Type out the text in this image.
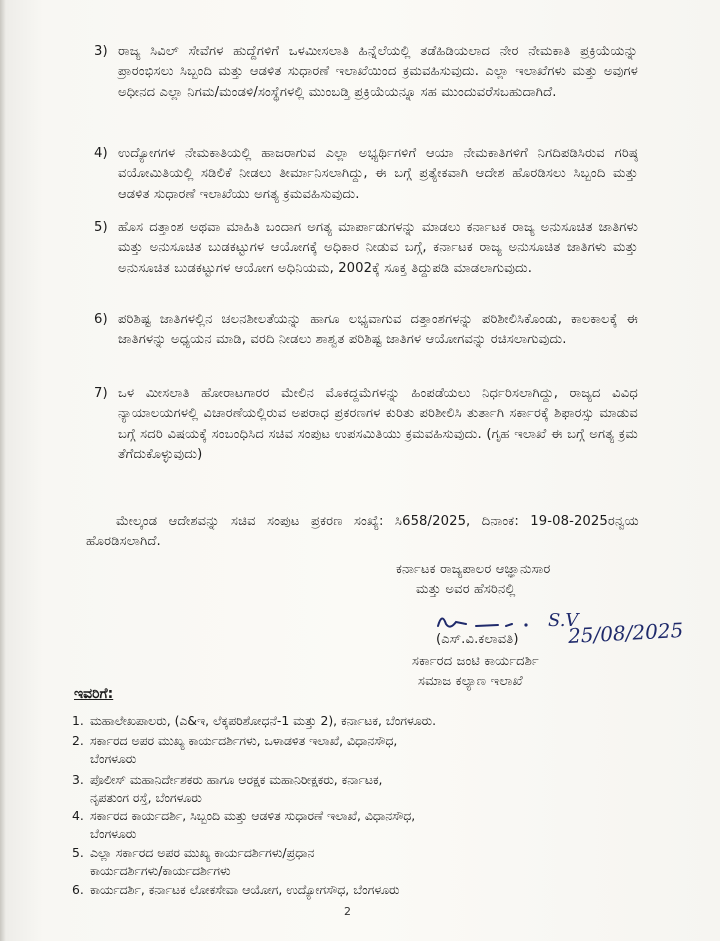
3) ರಾಜ್ಯ ಸಿವಿಲ್ ಸೇವೆಗಳ ಹುದ್ದೆಗಳಿಗೆ ಒಳಮೀಸಲಾತಿ ಹಿನ್ನೆಲೆಯಲ್ಲಿ ತಡೆಹಿಡಿಯಲಾದ ನೇರ ನೇಮಕಾತಿ ಪ್ರಕ್ರಿಯೆಯನ್ನು ಪ್ರಾರಂಭಿಸಲು ಸಿಬ್ಬಂದಿ ಮತ್ತು ಆಡಳಿತ ಸುಧಾರಣೆ ಇಲಾಖೆಯಿಂದ ಕ್ರಮವಹಿಸುವುದು. ಎಲ್ಲಾ ಇಲಾಖೆಗಳು ಮತ್ತು ಅವುಗಳ ಅಧೀನದ ಎಲ್ಲಾ ನಿಗಮ/ಮಂಡಳಿ/ಸಂಸ್ಥೆಗಳಲ್ಲಿ ಮುಂಬಡ್ತಿ ಪ್ರಕ್ರಿಯೆಯನ್ನೂ ಸಹ ಮುಂದುವರೆಸಬಹುದಾಗಿದೆ.
4) ಉದ್ಯೋಗಗಳ ನೇಮಕಾತಿಯಲ್ಲಿ ಹಾಜರಾಗುವ ಎಲ್ಲಾ ಅಭ್ಯರ್ಥಿಗಳಿಗೆ ಆಯಾ ನೇಮಕಾತಿಗಳಿಗೆ ನಿಗದಿಪಡಿಸಿರುವ ಗರಿಷ್ಠ ವಯೋಮಿತಿಯಲ್ಲಿ ಸಡಿಲಿಕೆ ನೀಡಲು ತೀರ್ಮಾನಿಸಲಾಗಿದ್ದು, ಈ ಬಗ್ಗೆ ಪ್ರತ್ಯೇಕವಾಗಿ ಆದೇಶ ಹೊರಡಿಸಲು ಸಿಬ್ಬಂದಿ ಮತ್ತು ಆಡಳಿತ ಸುಧಾರಣೆ ಇಲಾಖೆಯು ಅಗತ್ಯ ಕ್ರಮವಹಿಸುವುದು.
5) ಹೊಸ ದತ್ತಾಂಶ ಅಥವಾ ಮಾಹಿತಿ ಬಂದಾಗ ಅಗತ್ಯ ಮಾರ್ಪಾಡುಗಳನ್ನು ಮಾಡಲು ಕರ್ನಾಟಕ ರಾಜ್ಯ ಅನುಸೂಚಿತ ಜಾತಿಗಳು ಮತ್ತು ಅನುಸೂಚಿತ ಬುಡಕಟ್ಟುಗಳ ಆಯೋಗಕ್ಕೆ ಅಧಿಕಾರ ನೀಡುವ ಬಗ್ಗೆ, ಕರ್ನಾಟಕ ರಾಜ್ಯ ಅನುಸೂಚಿತ ಜಾತಿಗಳು ಮತ್ತು ಅನುಸೂಚಿತ ಬುಡಕಟ್ಟುಗಳ ಆಯೋಗ ಅಧಿನಿಯಮ, 2002ಕ್ಕೆ ಸೂಕ್ತ ತಿದ್ದುಪಡಿ ಮಾಡಲಾಗುವುದು.
6) ಪರಿಶಿಷ್ಟ ಜಾತಿಗಳಲ್ಲಿನ ಚಲನಶೀಲತೆಯನ್ನು ಹಾಗೂ ಲಭ್ಯವಾಗುವ ದತ್ತಾಂಶಗಳನ್ನು ಪರಿಶೀಲಿಸಿಕೊಂಡು, ಕಾಲಕಾಲಕ್ಕೆ ಈ ಜಾತಿಗಳನ್ನು ಅಧ್ಯಯನ ಮಾಡಿ, ವರದಿ ನೀಡಲು ಶಾಶ್ವತ ಪರಿಶಿಷ್ಟ ಜಾತಿಗಳ ಆಯೋಗವನ್ನು ರಚಿಸಲಾಗುವುದು.
7) ಒಳ ಮೀಸಲಾತಿ ಹೋರಾಟಗಾರರ ಮೇಲಿನ ಮೊಕದ್ದಮೆಗಳನ್ನು ಹಿಂಪಡೆಯಲು ನಿರ್ಧರಿಸಲಾಗಿದ್ದು, ರಾಜ್ಯದ ವಿವಿಧ ನ್ಯಾಯಾಲಯಗಳಲ್ಲಿ ವಿಚಾರಣೆಯಲ್ಲಿರುವ ಅಪರಾಧ ಪ್ರಕರಣಗಳ ಕುರಿತು ಪರಿಶೀಲಿಸಿ ತುರ್ತಾಗಿ ಸರ್ಕಾರಕ್ಕೆ ಶಿಫಾರಸ್ಸು ಮಾಡುವ ಬಗ್ಗೆ ಸದರಿ ವಿಷಯಕ್ಕೆ ಸಂಬಂಧಿಸಿದ ಸಚಿವ ಸಂಪುಟ ಉಪಸಮಿತಿಯು ಕ್ರಮವಹಿಸುವುದು. (ಗೃಹ ಇಲಾಖೆ ಈ ಬಗ್ಗೆ ಅಗತ್ಯ ಕ್ರಮ ತೆಗೆದುಕೊಳ್ಳುವುದು)
ಮೇಲ್ಕಂಡ ಆದೇಶವನ್ನು ಸಚಿವ ಸಂಪುಟ ಪ್ರಕರಣ ಸಂಖ್ಯೆ: ಸಿ658/2025, ದಿನಾಂಕ: 19-08-2025ರನ್ವಯ ಹೊರಡಿಸಲಾಗಿದೆ.
ಕರ್ನಾಟಕ ರಾಜ್ಯಪಾಲರ ಆಜ್ಞಾನುಸಾರ
ಮತ್ತು ಅವರ ಹೆಸರಿನಲ್ಲಿ
S.V
25/08/2025
(ಎಸ್.ವಿ.ಕಲಾವತಿ)
ಸರ್ಕಾರದ ಜಂಟಿ ಕಾರ್ಯದರ್ಶಿ
ಸಮಾಜ ಕಲ್ಯಾಣ ಇಲಾಖೆ
ಇವರಿಗೆ:
1. ಮಹಾಲೇಖಪಾಲರು, (ಎ&ಇ, ಲೆಕ್ಕಪರಿಶೋಧನೆ-1 ಮತ್ತು 2), ಕರ್ನಾಟಕ, ಬೆಂಗಳೂರು.
2. ಸರ್ಕಾರದ ಅಪರ ಮುಖ್ಯ ಕಾರ್ಯದರ್ಶಿಗಳು, ಒಳಾಡಳಿತ ಇಲಾಖೆ, ವಿಧಾನಸೌಧ,
ಬೆಂಗಳೂರು
3. ಪೊಲೀಸ್ ಮಹಾನಿರ್ದೇಶಕರು ಹಾಗೂ ಆರಕ್ಷಕ ಮಹಾನಿರೀಕ್ಷಕರು, ಕರ್ನಾಟಕ,
ನೃಪತುಂಗ ರಸ್ತೆ, ಬೆಂಗಳೂರು
4. ಸರ್ಕಾರದ ಕಾರ್ಯದರ್ಶಿ, ಸಿಬ್ಬಂದಿ ಮತ್ತು ಆಡಳಿತ ಸುಧಾರಣೆ ಇಲಾಖೆ, ವಿಧಾನಸೌಧ,
ಬೆಂಗಳೂರು
5. ಎಲ್ಲಾ ಸರ್ಕಾರದ ಅಪರ ಮುಖ್ಯ ಕಾರ್ಯದರ್ಶಿಗಳು/ಪ್ರಧಾನ
ಕಾರ್ಯದರ್ಶಿಗಳು/ಕಾರ್ಯದರ್ಶಿಗಳು
6. ಕಾರ್ಯದರ್ಶಿ, ಕರ್ನಾಟಕ ಲೋಕಸೇವಾ ಆಯೋಗ, ಉದ್ಯೋಗಸೌಧ, ಬೆಂಗಳೂರು
2
